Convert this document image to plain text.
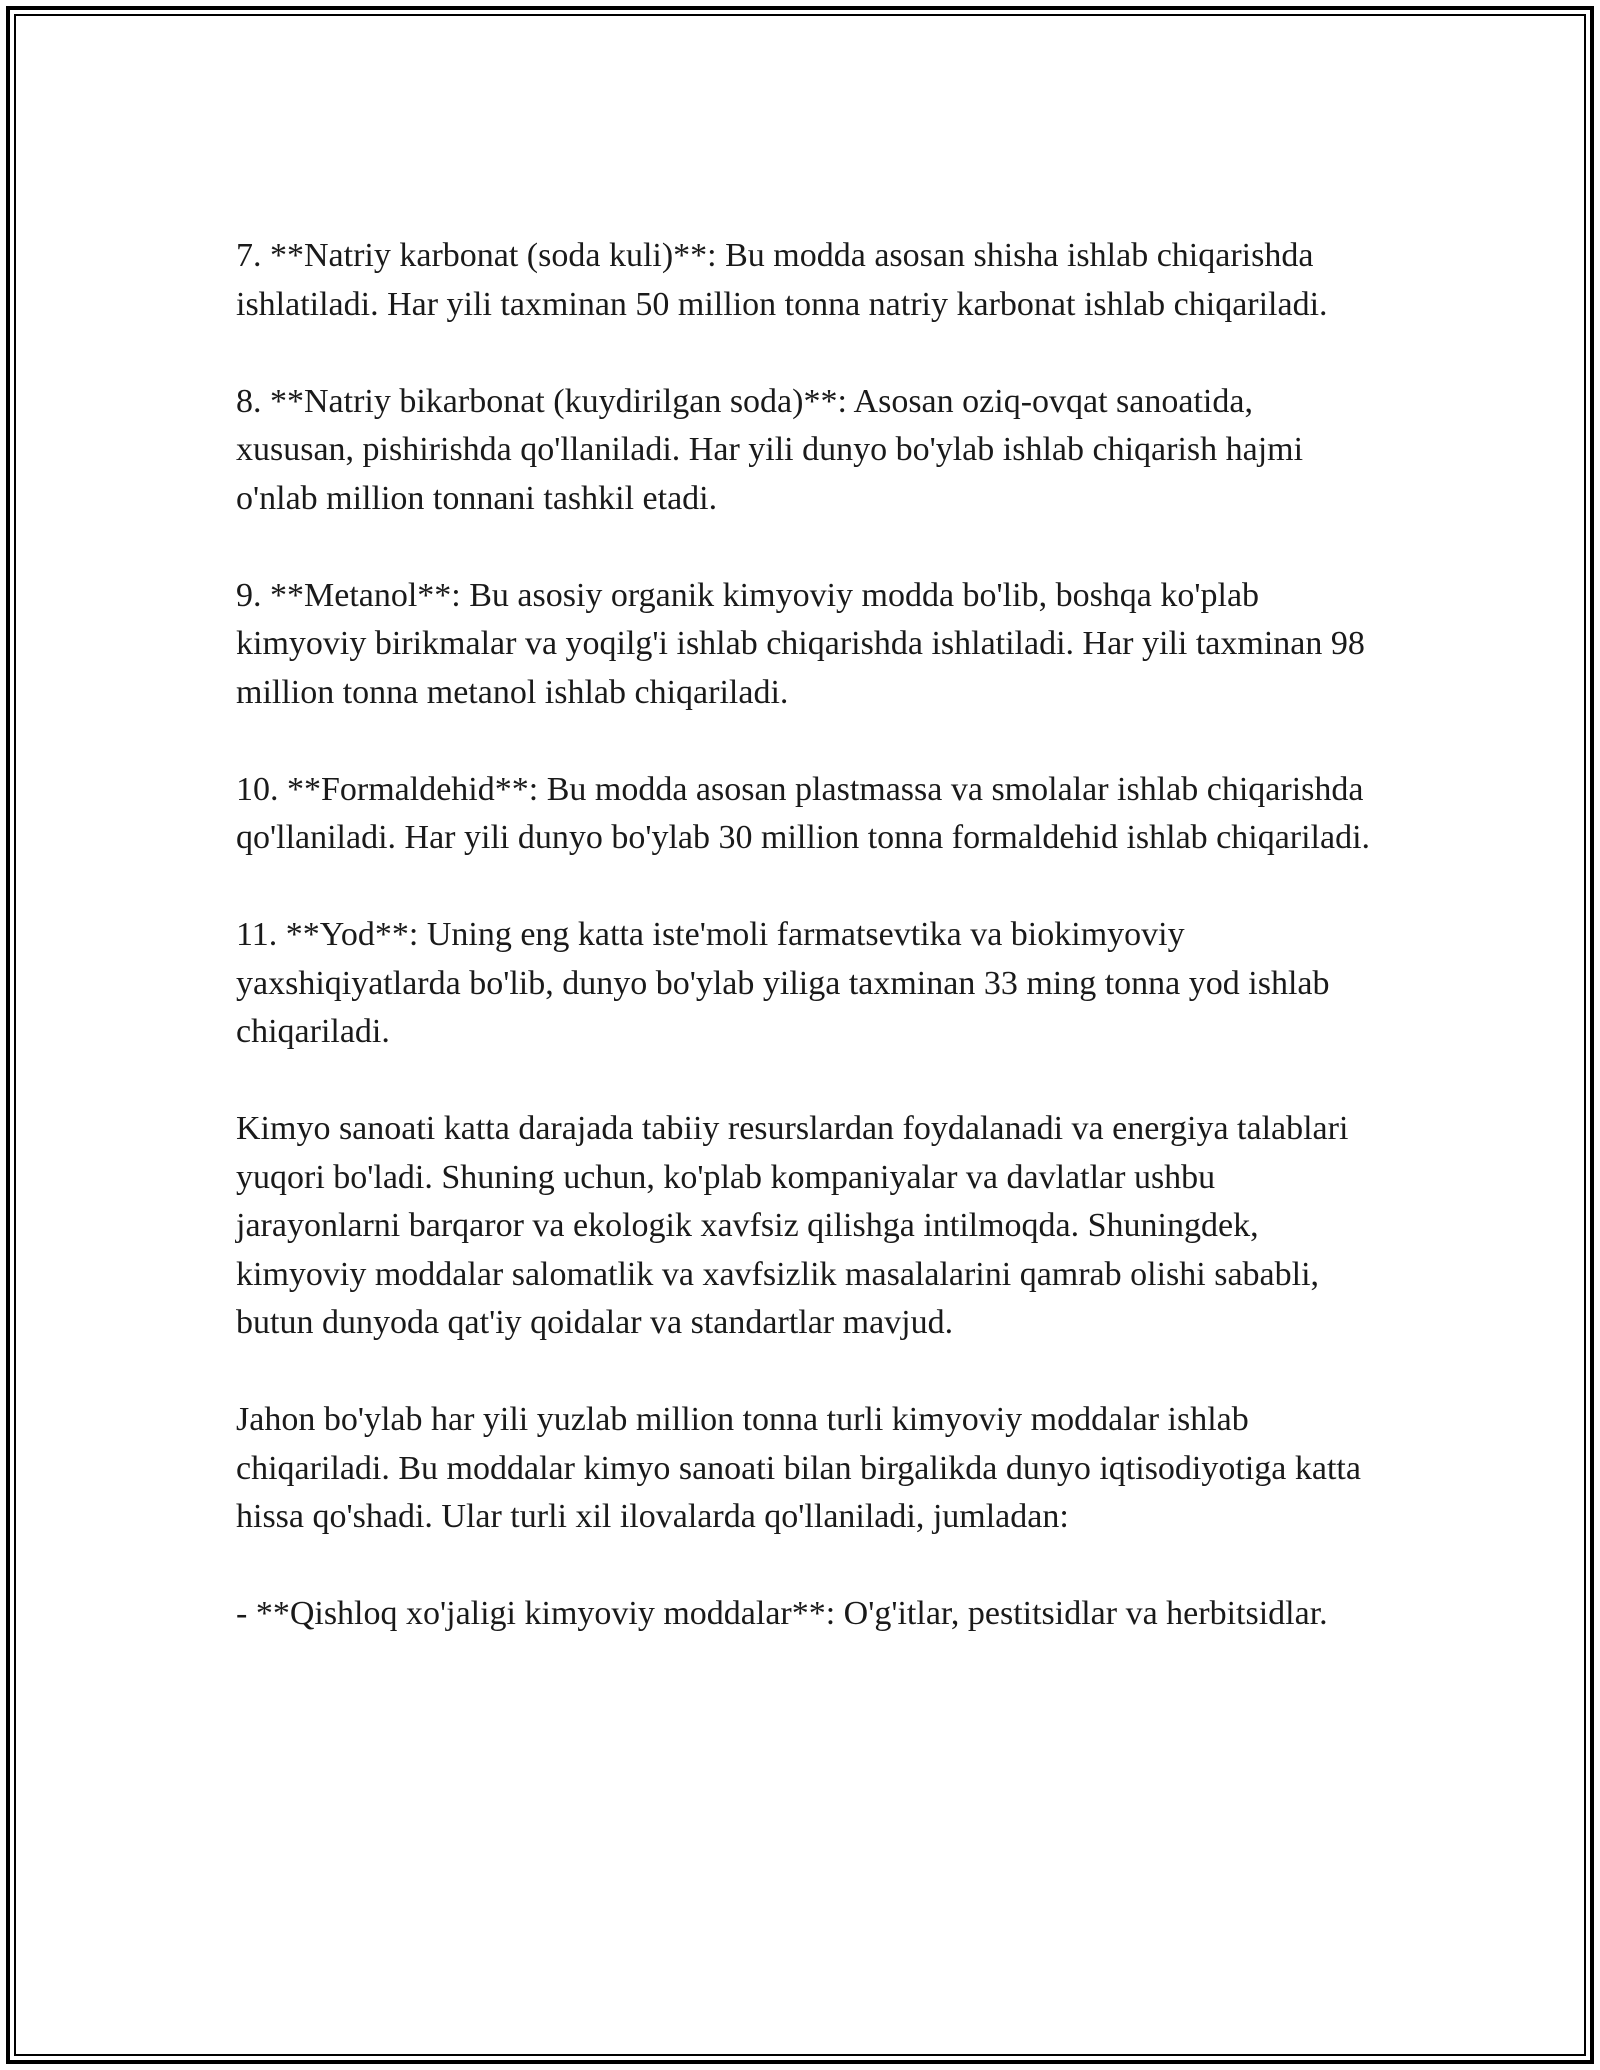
7. **Natriy karbonat (soda kuli)**: Bu modda asosan shisha ishlab chiqarishda ishlatiladi. Har yili taxminan 50 million tonna natriy karbonat ishlab chiqariladi.

8. **Natriy bikarbonat (kuydirilgan soda)**: Asosan oziq-ovqat sanoatida, xususan, pishirishda qo'llaniladi. Har yili dunyo bo'ylab ishlab chiqarish hajmi o'nlab million tonnani tashkil etadi.

9. **Metanol**: Bu asosiy organik kimyoviy modda bo'lib, boshqa ko'plab kimyoviy birikmalar va yoqilg'i ishlab chiqarishda ishlatiladi. Har yili taxminan 98 million tonna metanol ishlab chiqariladi.

10. **Formaldehid**: Bu modda asosan plastmassa va smolalar ishlab chiqarishda qo'llaniladi. Har yili dunyo bo'ylab 30 million tonna formaldehid ishlab chiqariladi.

11. **Yod**: Uning eng katta iste'moli farmatsevtika va biokimyoviy yaxshiqiyatlarda bo'lib, dunyo bo'ylab yiliga taxminan 33 ming tonna yod ishlab chiqariladi.

Kimyo sanoati katta darajada tabiiy resurslardan foydalanadi va energiya talablari yuqori bo'ladi. Shuning uchun, ko'plab kompaniyalar va davlatlar ushbu jarayonlarni barqaror va ekologik xavfsiz qilishga intilmoqda. Shuningdek, kimyoviy moddalar salomatlik va xavfsizlik masalalarini qamrab olishi sababli, butun dunyoda qat'iy qoidalar va standartlar mavjud.

Jahon bo'ylab har yili yuzlab million tonna turli kimyoviy moddalar ishlab chiqariladi. Bu moddalar kimyo sanoati bilan birgalikda dunyo iqtisodiyotiga katta hissa qo'shadi. Ular turli xil ilovalarda qo'llaniladi, jumladan:

- **Qishloq xo'jaligi kimyoviy moddalar**: O'g'itlar, pestitsidlar va herbitsidlar.
